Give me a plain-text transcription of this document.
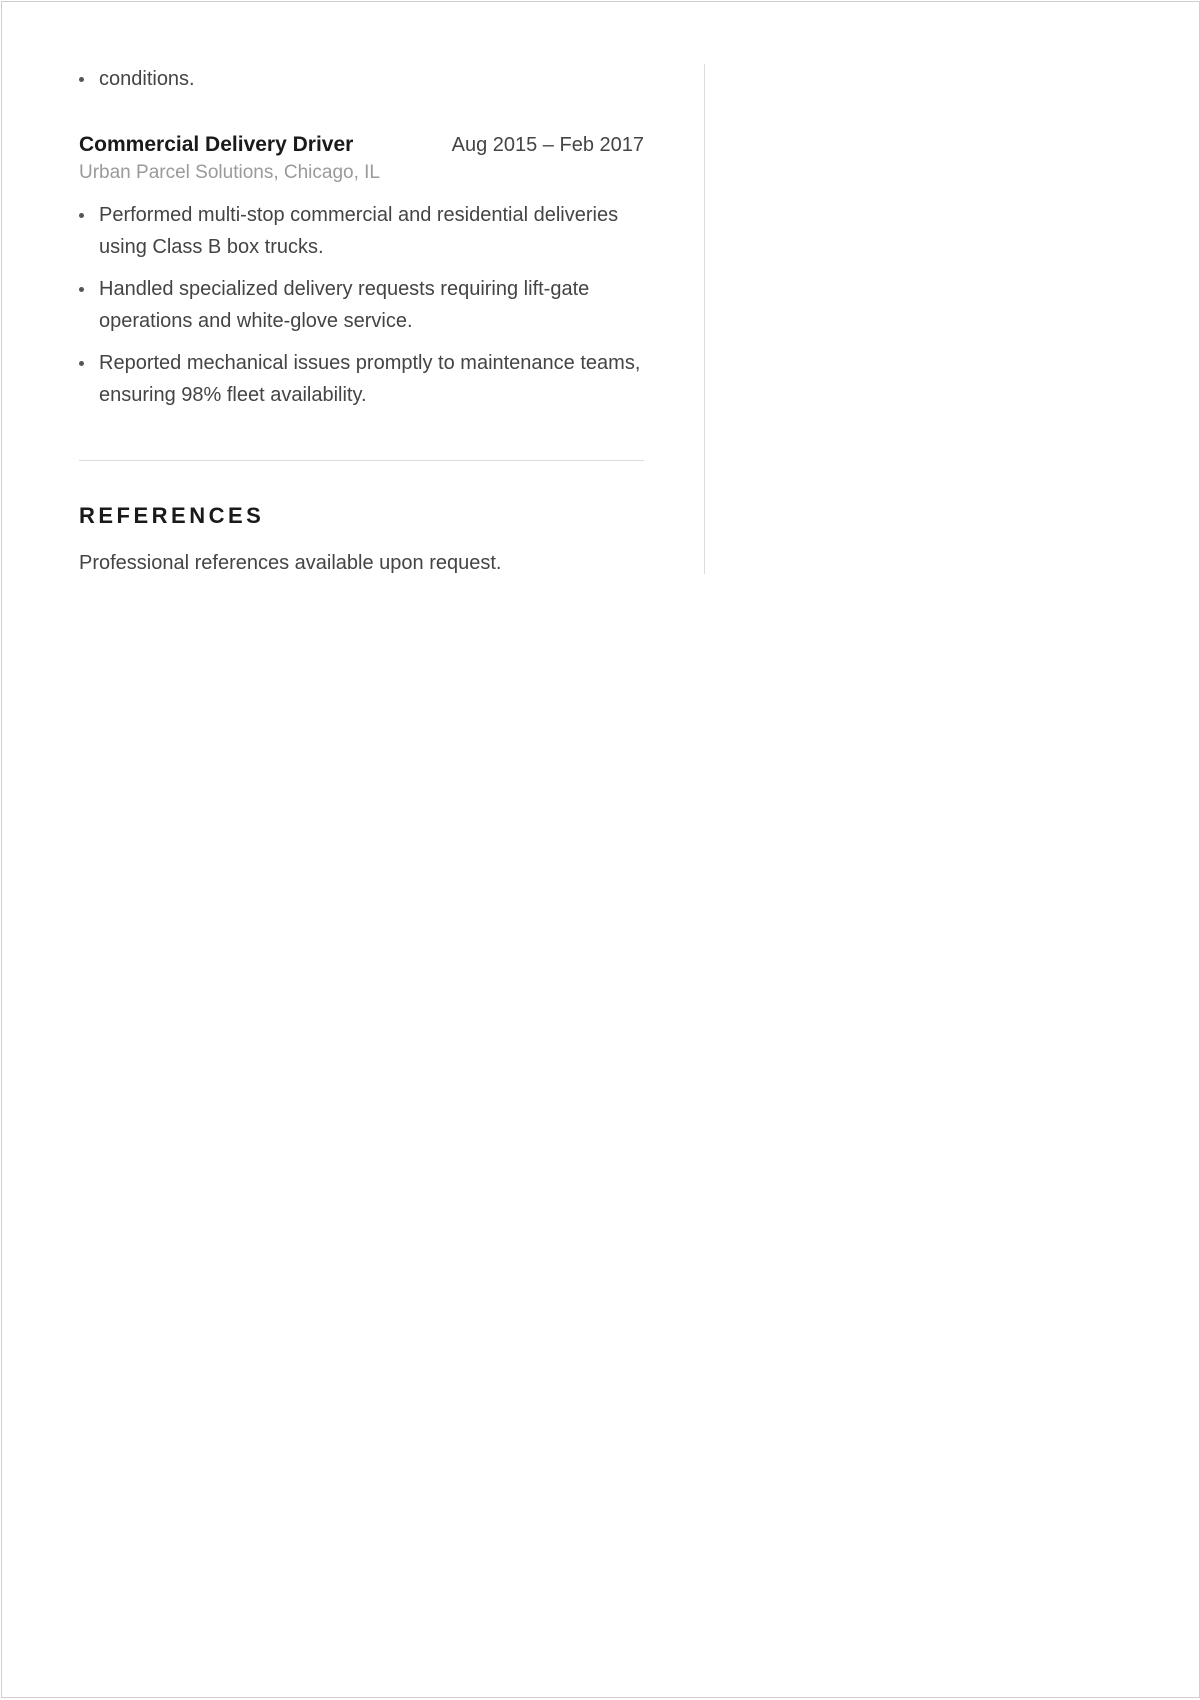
conditions.
Commercial Delivery Driver	Aug 2015 – Feb 2017
Urban Parcel Solutions, Chicago, IL
Performed multi-stop commercial and residential deliveries using Class B box trucks.
Handled specialized delivery requests requiring lift-gate operations and white-glove service.
Reported mechanical issues promptly to maintenance teams, ensuring 98% fleet availability.
REFERENCES
Professional references available upon request.
